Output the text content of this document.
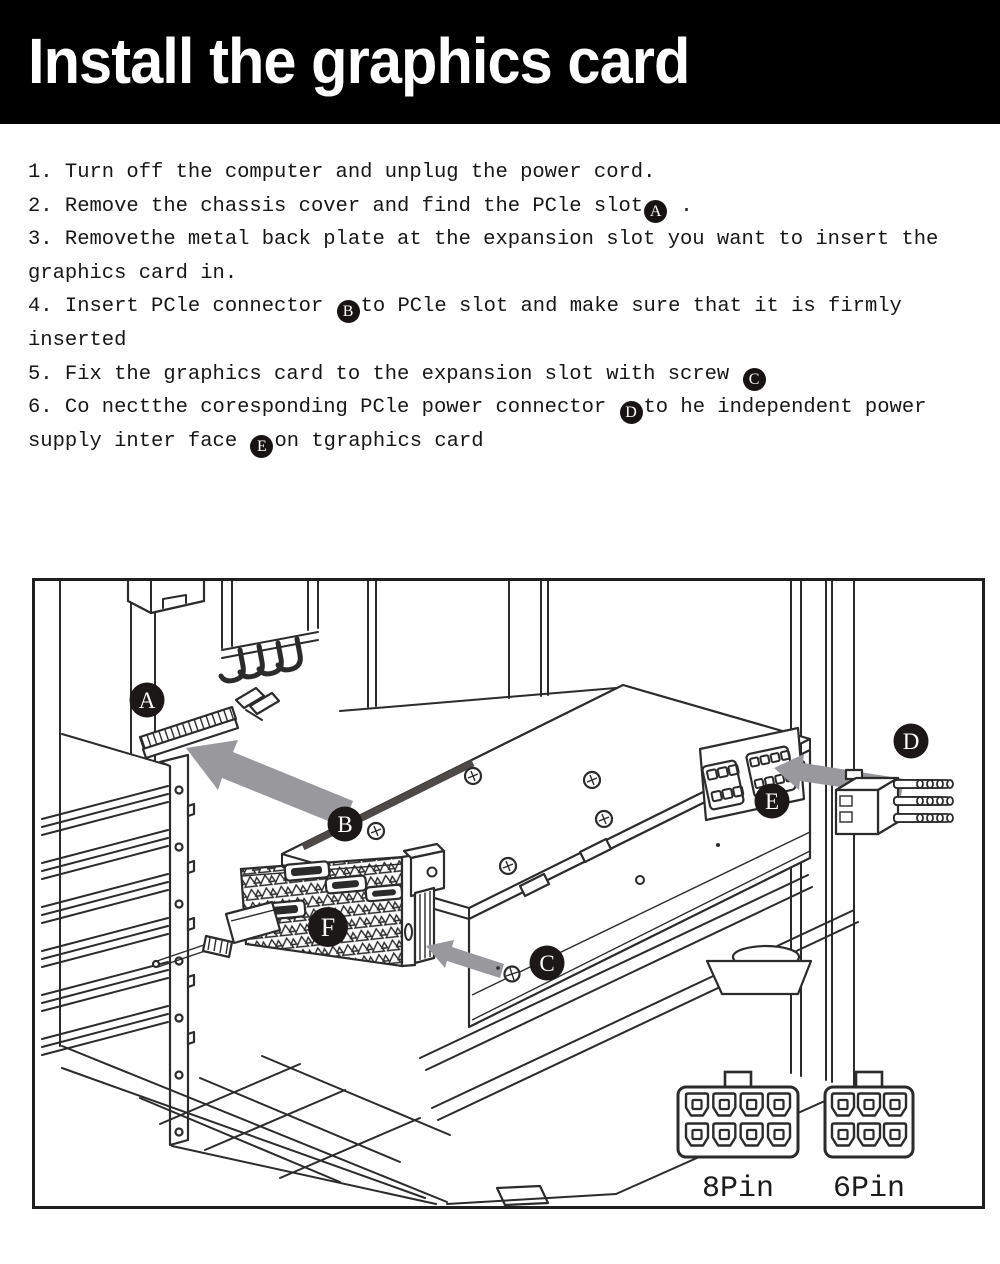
Install the graphics card
1. Turn off the computer and unplug the power cord.
2. Remove the chassis cover and find the PCle slot A .
3. Removethe metal back plate at the expansion slot you want to insert the
graphics card in.
4. Insert PCle connector B to PCle slot and make sure that it is firmly
inserted
5. Fix the graphics card to the expansion slot with screw C
6. Co nectthe coresponding PCle power connector D to he independent power
supply inter face E on tgraphics card
A
B
C
D
E
F
8Pin 6Pin
